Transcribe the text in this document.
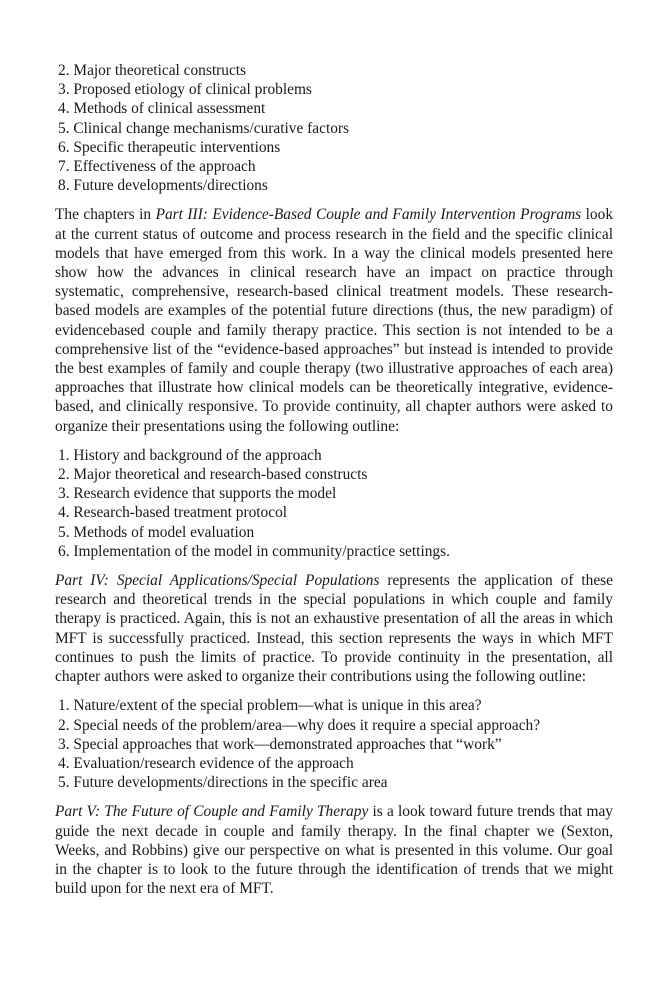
2. Major theoretical constructs
3. Proposed etiology of clinical problems
4. Methods of clinical assessment
5. Clinical change mechanisms/curative factors
6. Specific therapeutic interventions
7. Effectiveness of the approach
8. Future developments/directions

The chapters in Part III: Evidence-Based Couple and Family Intervention Programs look at the current status of outcome and process research in the field and the specific clinical models that have emerged from this work. In a way the clinical models presented here show how the advances in clinical research have an impact on practice through systematic, comprehensive, research-based clinical treatment models. These research-based models are examples of the potential future directions (thus, the new paradigm) of evidencebased couple and family therapy practice. This section is not intended to be a comprehensive list of the “evidence-based approaches” but instead is intended to provide the best examples of family and couple therapy (two illustrative approaches of each area) approaches that illustrate how clinical models can be theoretically integrative, evidence-based, and clinically responsive. To provide continuity, all chapter authors were asked to organize their presentations using the following outline:

1. History and background of the approach
2. Major theoretical and research-based constructs
3. Research evidence that supports the model
4. Research-based treatment protocol
5. Methods of model evaluation
6. Implementation of the model in community/practice settings.

Part IV: Special Applications/Special Populations represents the application of these research and theoretical trends in the special populations in which couple and family therapy is practiced. Again, this is not an exhaustive presentation of all the areas in which MFT is successfully practiced. Instead, this section represents the ways in which MFT continues to push the limits of practice. To provide continuity in the presentation, all chapter authors were asked to organize their contributions using the following outline:

1. Nature/extent of the special problem—what is unique in this area?
2. Special needs of the problem/area—why does it require a special approach?
3. Special approaches that work—demonstrated approaches that “work”
4. Evaluation/research evidence of the approach
5. Future developments/directions in the specific area

Part V: The Future of Couple and Family Therapy is a look toward future trends that may guide the next decade in couple and family therapy. In the final chapter we (Sexton, Weeks, and Robbins) give our perspective on what is presented in this volume. Our goal in the chapter is to look to the future through the identification of trends that we might build upon for the next era of MFT.
